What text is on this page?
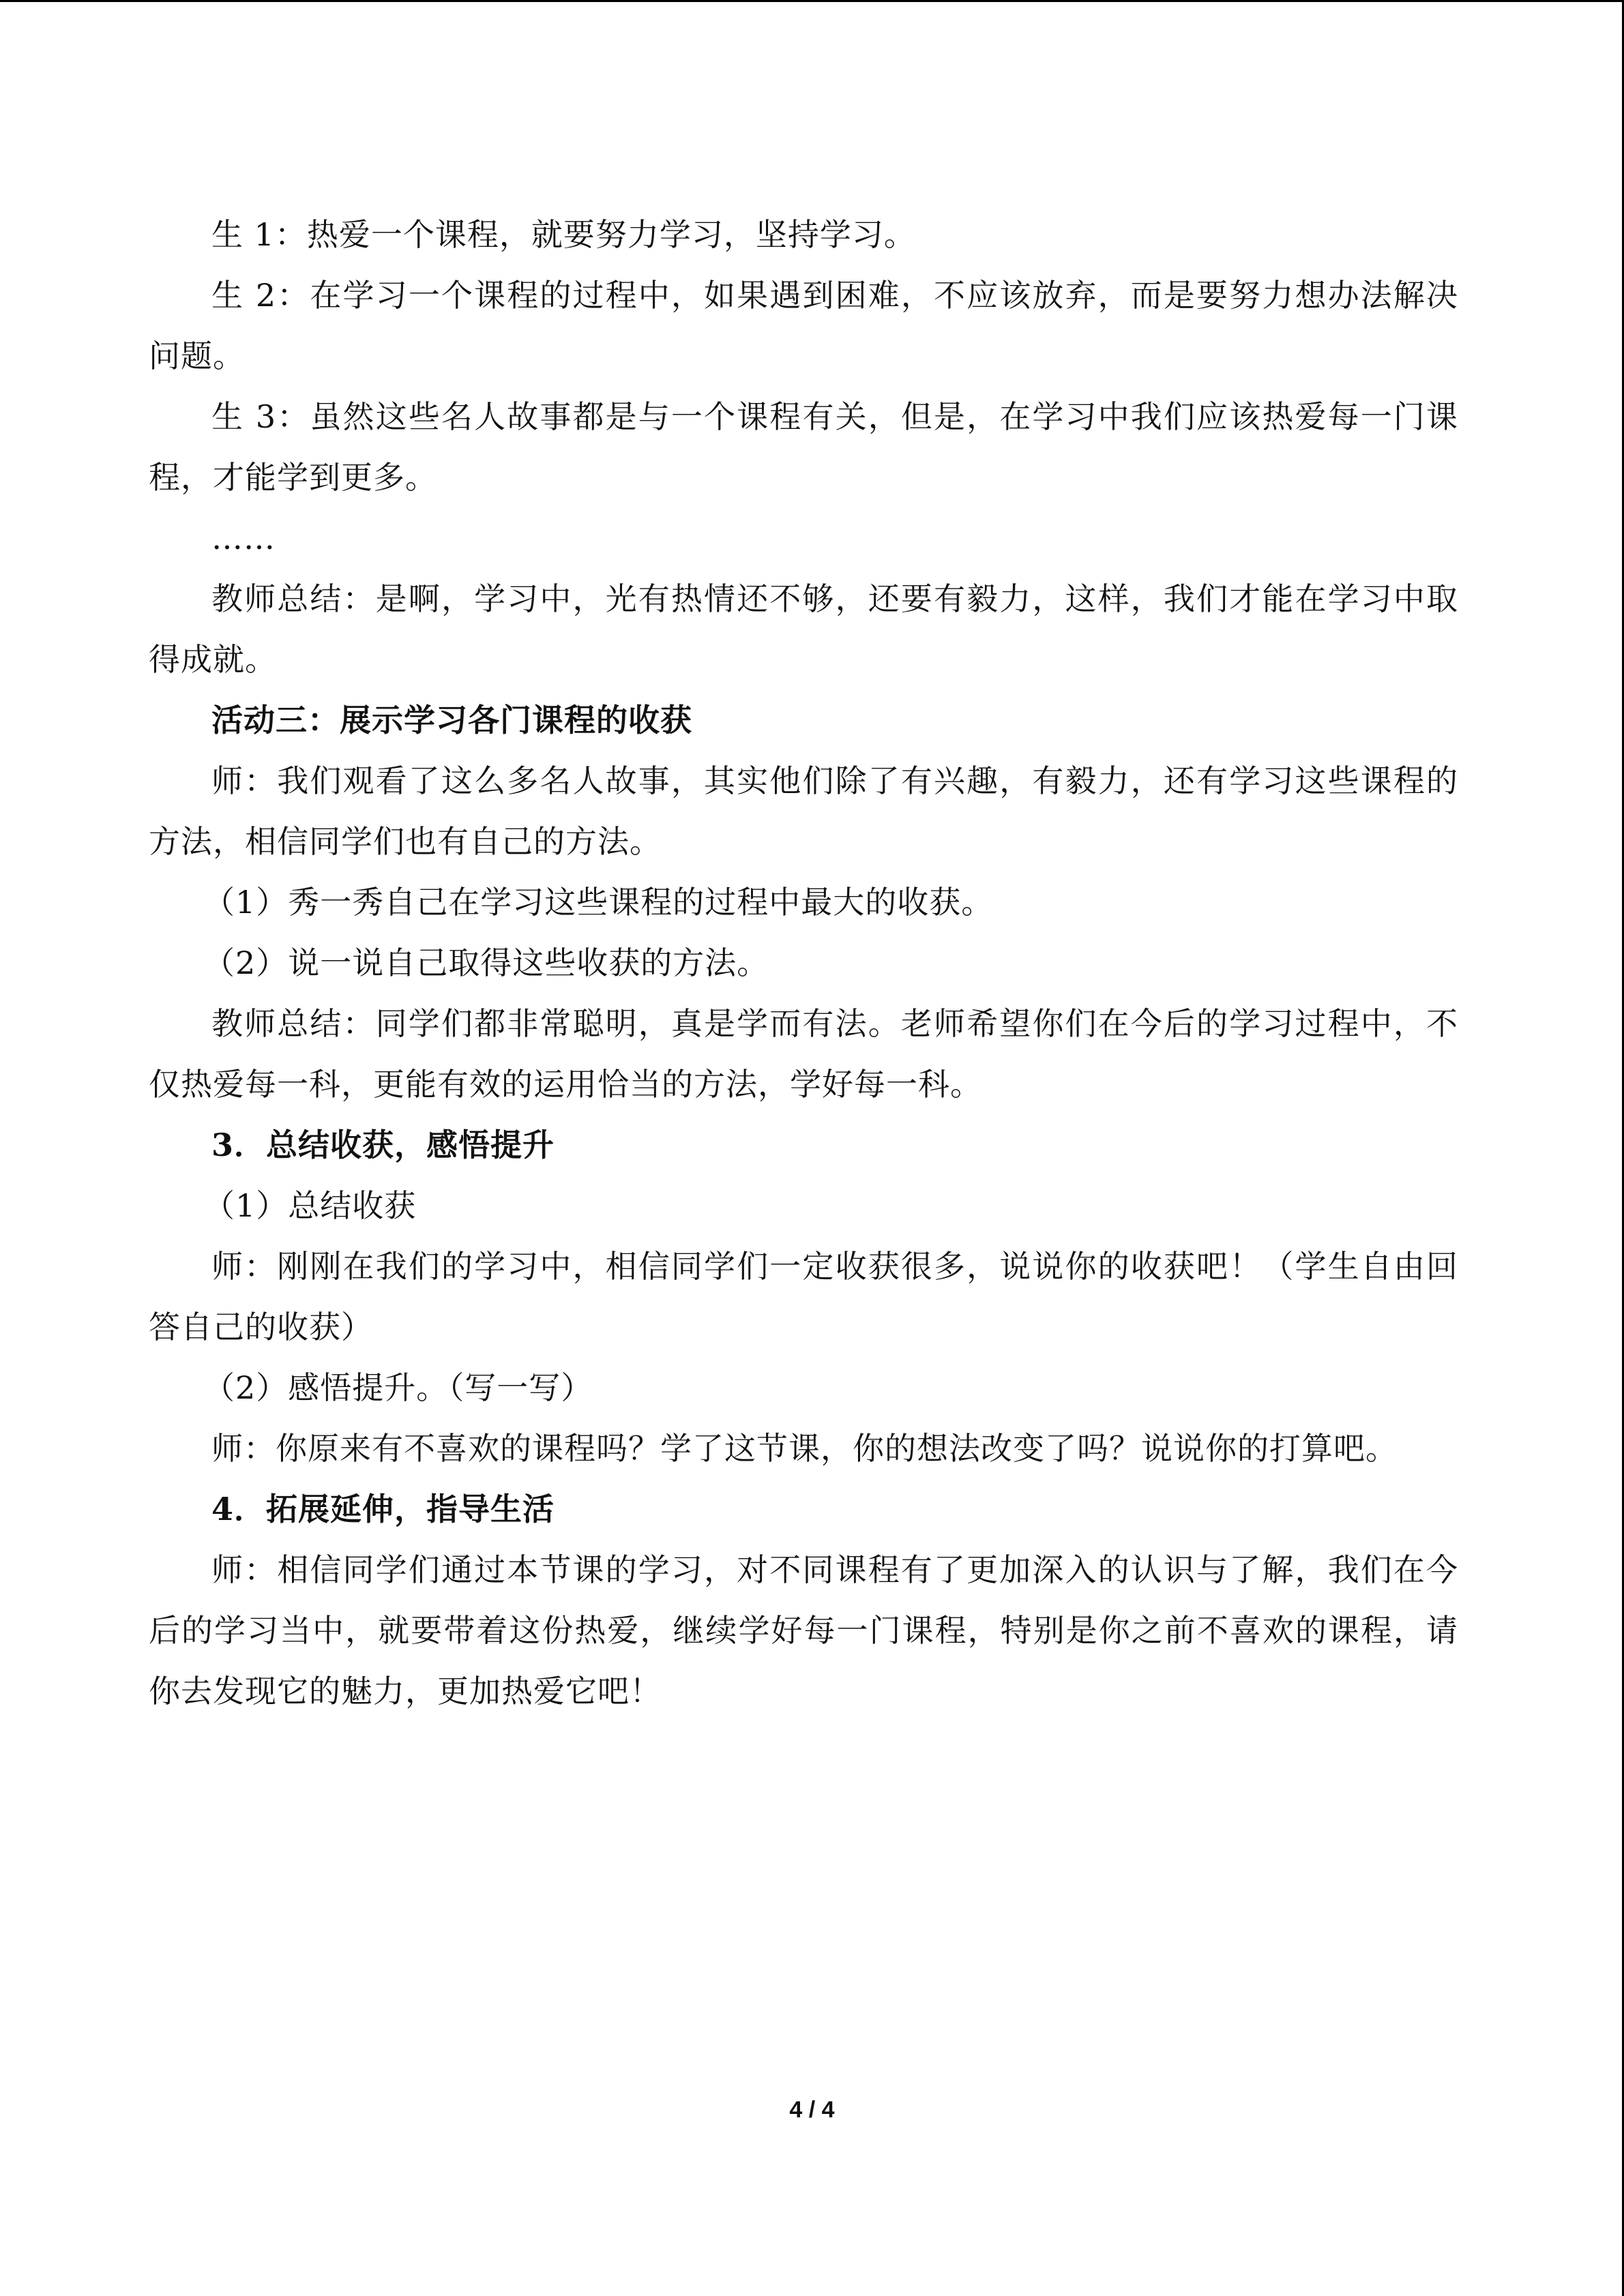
生 1：热爱一个课程，就要努力学习，坚持学习。

生 2：在学习一个课程的过程中，如果遇到困难，不应该放弃，而是要努力想办法解决问题。

生 3：虽然这些名人故事都是与一个课程有关，但是，在学习中我们应该热爱每一门课程，才能学到更多。

……

教师总结：是啊，学习中，光有热情还不够，还要有毅力，这样，我们才能在学习中取得成就。

活动三：展示学习各门课程的收获

师：我们观看了这么多名人故事，其实他们除了有兴趣，有毅力，还有学习这些课程的方法，相信同学们也有自己的方法。

（1）秀一秀自己在学习这些课程的过程中最大的收获。

（2）说一说自己取得这些收获的方法。

教师总结：同学们都非常聪明，真是学而有法。老师希望你们在今后的学习过程中，不仅热爱每一科，更能有效的运用恰当的方法，学好每一科。

3．总结收获，感悟提升

（1）总结收获

师：刚刚在我们的学习中，相信同学们一定收获很多，说说你的收获吧！（学生自由回答自己的收获）

（2）感悟提升。（写一写）

师：你原来有不喜欢的课程吗？学了这节课，你的想法改变了吗？说说你的打算吧。

4．拓展延伸，指导生活

师：相信同学们通过本节课的学习，对不同课程有了更加深入的认识与了解，我们在今后的学习当中，就要带着这份热爱，继续学好每一门课程，特别是你之前不喜欢的课程，请你去发现它的魅力，更加热爱它吧！

4 / 4
